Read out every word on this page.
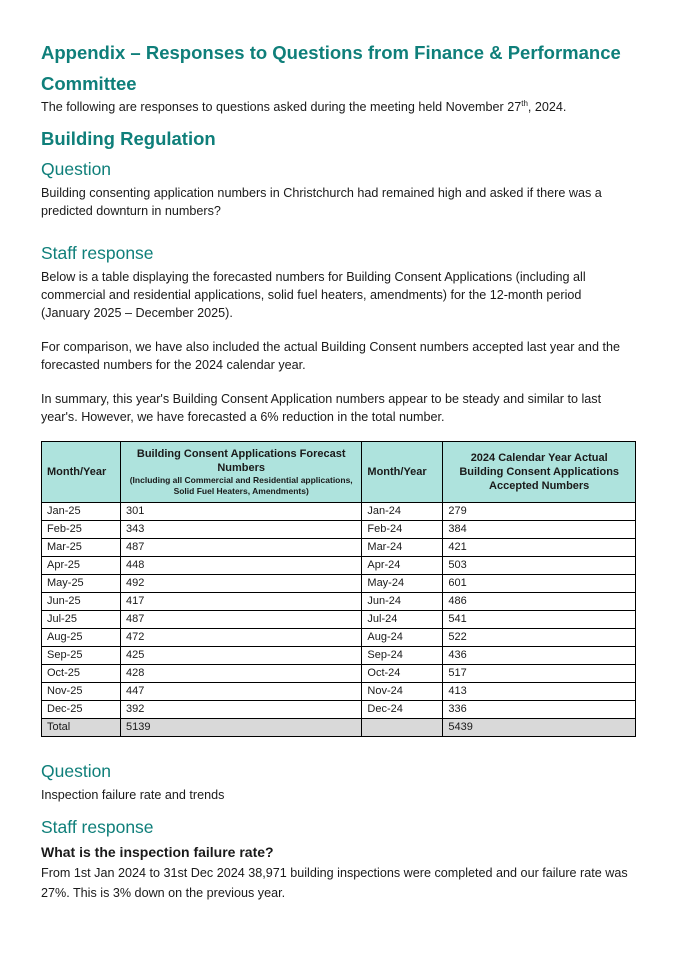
Appendix – Responses to Questions from Finance & Performance

Committee

The following are responses to questions asked during the meeting held November 27th, 2024.

Building Regulation

Question

Building consenting application numbers in Christchurch had remained high and asked if there was a

predicted downturn in numbers?

Staff response

Below is a table displaying the forecasted numbers for Building Consent Applications (including all

commercial and residential applications, solid fuel heaters, amendments) for the 12-month period

(January 2025 – December 2025).

For comparison, we have also included the actual Building Consent numbers accepted last year and the

forecasted numbers for the 2024 calendar year.

In summary, this year's Building Consent Application numbers appear to be steady and similar to last

year's. However, we have forecasted a 6% reduction in the total number.

Month/Year	Building Consent Applications Forecast Numbers
(Including all Commercial and Residential applications, Solid Fuel Heaters, Amendments)	Month/Year	2024 Calendar Year Actual Building Consent Applications Accepted Numbers
Jan-25	301	Jan-24	279
Feb-25	343	Feb-24	384
Mar-25	487	Mar-24	421
Apr-25	448	Apr-24	503
May-25	492	May-24	601
Jun-25	417	Jun-24	486
Jul-25	487	Jul-24	541
Aug-25	472	Aug-24	522
Sep-25	425	Sep-24	436
Oct-25	428	Oct-24	517
Nov-25	447	Nov-24	413
Dec-25	392	Dec-24	336
Total	5139		5439

Question

Inspection failure rate and trends

Staff response

What is the inspection failure rate?

From 1st Jan 2024 to 31st Dec 2024 38,971 building inspections were completed and our failure rate was

27%. This is 3% down on the previous year.
